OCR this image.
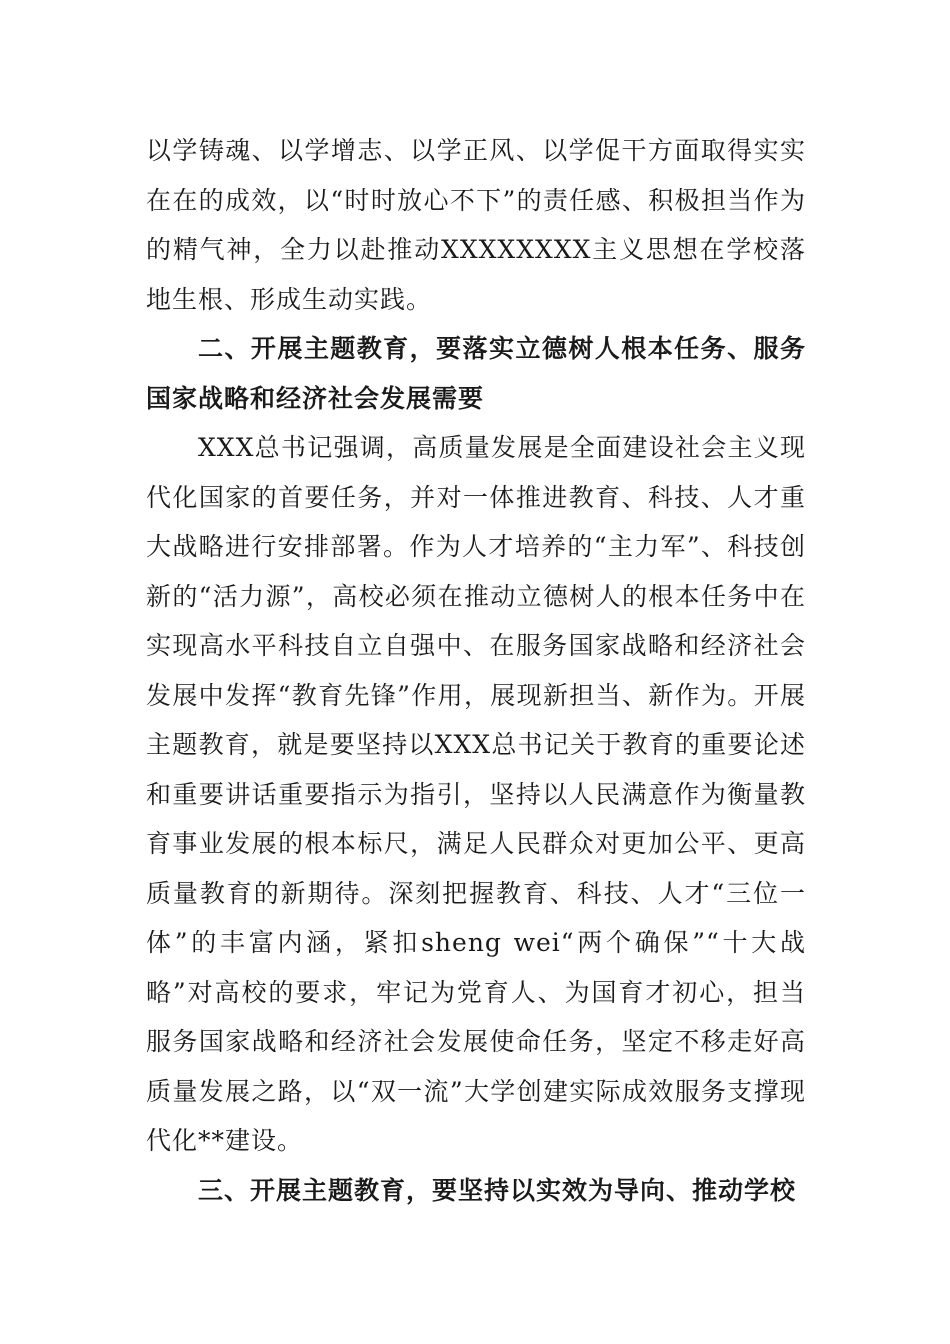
以学铸魂、以学增志、以学正风、以学促干方面取得实实在在的成效，以“时时放心不下”的责任感、积极担当作为的精气神，全力以赴推动XXXXXXXX主义思想在学校落地生根、形成生动实践。

二、开展主题教育，要落实立德树人根本任务、服务国家战略和经济社会发展需要

XXX总书记强调，高质量发展是全面建设社会主义现代化国家的首要任务，并对一体推进教育、科技、人才重大战略进行安排部署。作为人才培养的“主力军”、科技创新的“活力源”，高校必须在推动立德树人的根本任务中在实现高水平科技自立自强中、在服务国家战略和经济社会发展中发挥“教育先锋”作用，展现新担当、新作为。开展主题教育，就是要坚持以XXX总书记关于教育的重要论述和重要讲话重要指示为指引，坚持以人民满意作为衡量教育事业发展的根本标尺，满足人民群众对更加公平、更高质量教育的新期待。深刻把握教育、科技、人才“三位一体”的丰富内涵，紧扣sheng wei“两个确保”“十大战略”对高校的要求，牢记为党育人、为国育才初心，担当服务国家战略和经济社会发展使命任务，坚定不移走好高质量发展之路，以“双一流”大学创建实际成效服务支撑现代化**建设。

三、开展主题教育，要坚持以实效为导向、推动学校
